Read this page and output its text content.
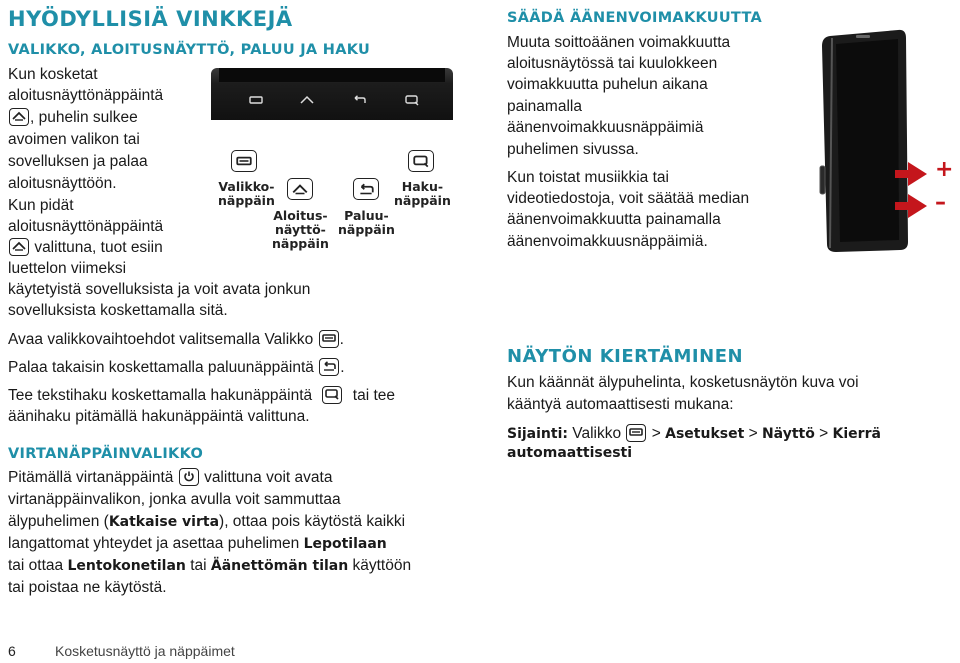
HYÖDYLLISIÄ VINKKEJÄ
VALIKKO, ALOITUSNÄYTTÖ, PALUU JA HAKU
Kun kosketat
aloitusnäyttönäppäintä
, puhelin sulkee
avoimen valikon tai
sovelluksen ja palaa
aloitusnäyttöön.
Kun pidät
aloitusnäyttönäppäintä
valittuna, tuot esiin
luettelon viimeksi
käytetyistä sovelluksista ja voit avata jonkun
sovelluksista koskettamalla sitä.
Valikko-
näppäin
Aloitus-
näyttö-
näppäin
Paluu-
näppäin
Haku-
näppäin
Avaa valikkovaihtoehdot valitsemalla Valikko .
Palaa takaisin koskettamalla paluunäppäintä .
Tee tekstihaku koskettamalla hakunäppäintä	tai tee
äänihaku pitämällä hakunäppäintä valittuna.
VIRTANÄPPÄINVALIKKO
Pitämällä virtanäppäintä valittuna voit avata
virtanäppäinvalikon, jonka avulla voit sammuttaa
älypuhelimen (Katkaise virta), ottaa pois käytöstä kaikki
langattomat yhteydet ja asettaa puhelimen Lepotilaan
tai ottaa Lentokonetilan tai Äänettömän tilan käyttöön
tai poistaa ne käytöstä.
SÄÄDÄ ÄÄNENVOIMAKKUUTTA
Muuta soittoäänen voimakkuutta
aloitusnäytössä tai kuulokkeen
voimakkuutta puhelun aikana
painamalla
äänenvoimakkuusnäppäimiä
puhelimen sivussa.
Kun toistat musiikkia tai
videotiedostoja, voit säätää median
äänenvoimakkuutta painamalla
äänenvoimakkuusnäppäimiä.
+
–
NÄYTÖN KIERTÄMINEN
Kun käännät älypuhelinta, kosketusnäytön kuva voi
kääntyä automaattisesti mukana:
Sijainti: Valikko > Asetukset > Näyttö > Kierrä
automaattisesti
6	Kosketusnäyttö ja näppäimet
